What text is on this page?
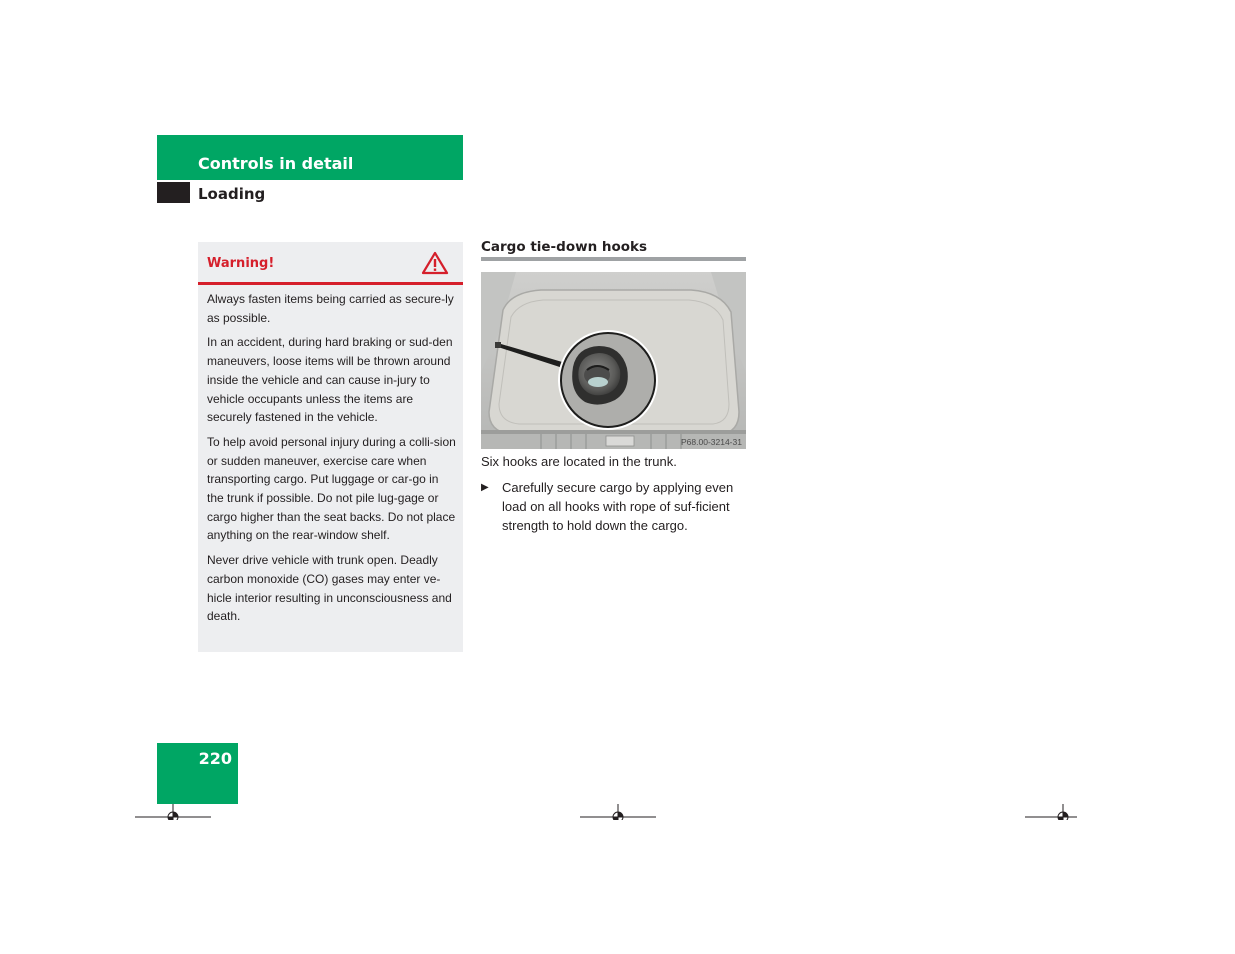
Controls in detail
Loading
Warning!

Always fasten items being carried as secure-ly as possible.

In an accident, during hard braking or sud-den maneuvers, loose items will be thrown around inside the vehicle and can cause in-jury to vehicle occupants unless the items are securely fastened in the vehicle.

To help avoid personal injury during a colli-sion or sudden maneuver, exercise care when transporting cargo. Put luggage or car-go in the trunk if possible. Do not pile lug-gage or cargo higher than the seat backs. Do not place anything on the rear-window shelf.

Never drive vehicle with trunk open. Deadly carbon monoxide (CO) gases may enter ve-hicle interior resulting in unconsciousness and death.

Cargo tie-down hooks
P68.00-3214-31

Six hooks are located in the trunk.

▶	Carefully secure cargo by applying even load on all hooks with rope of suf-ficient strength to hold down the cargo.
220
